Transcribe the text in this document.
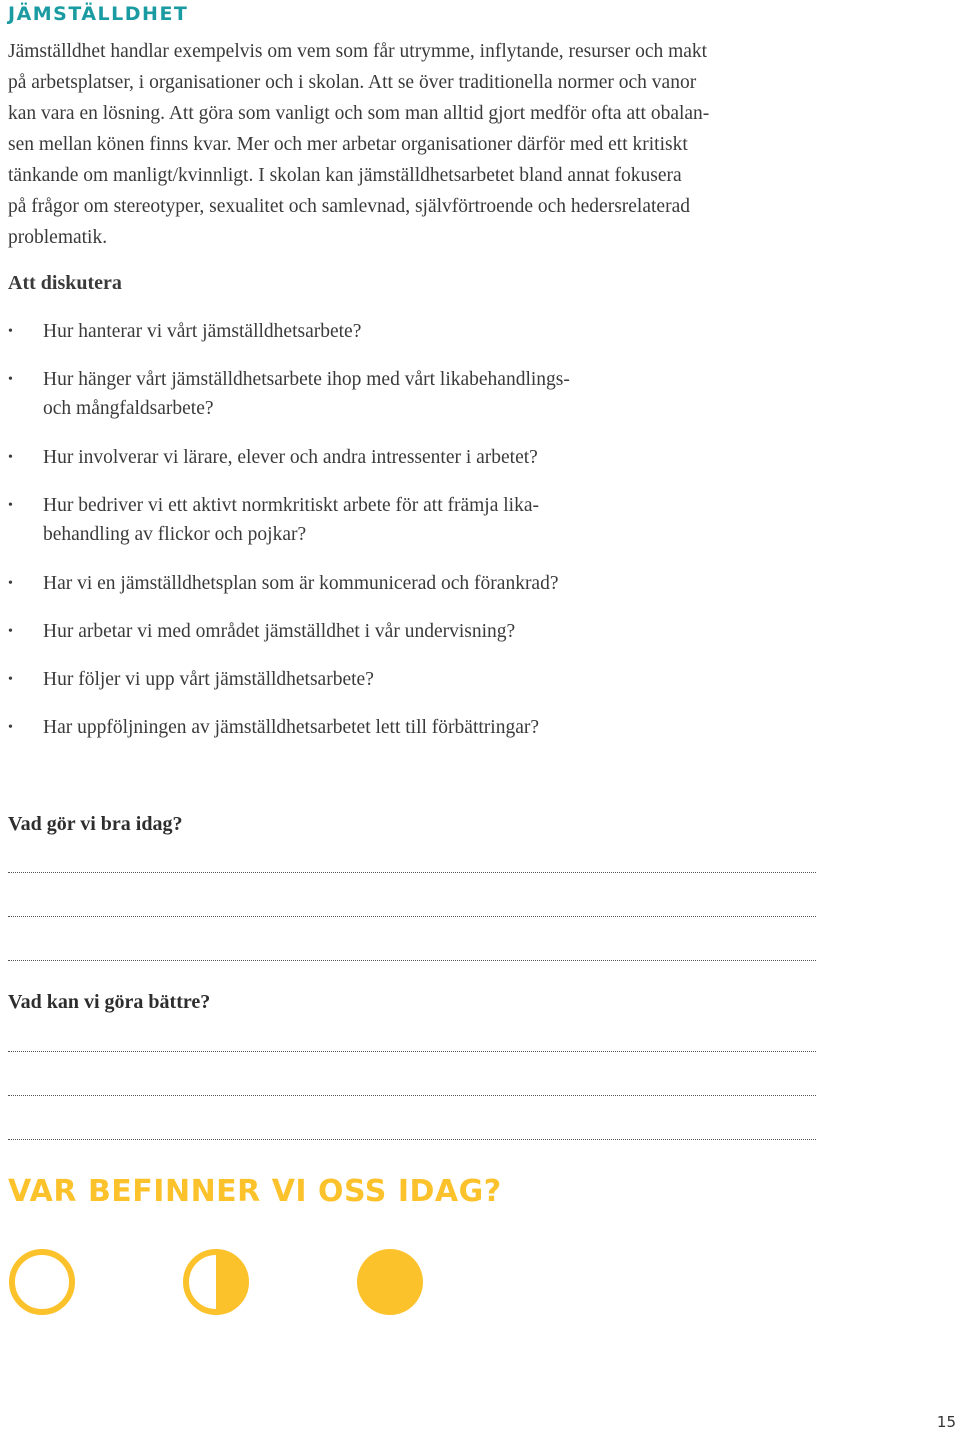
JÄMSTÄLLDHET

Jämställdhet handlar exempelvis om vem som får utrymme, inflytande, resurser och makt
på arbetsplatser, i organisationer och i skolan. Att se över traditionella normer och vanor
kan vara en lösning. Att göra som vanligt och som man alltid gjort medför ofta att obalan-
sen mellan könen finns kvar. Mer och mer arbetar organisationer därför med ett kritiskt
tänkande om manligt/kvinnligt. I skolan kan jämställdhetsarbetet bland annat fokusera
på frågor om stereotyper, sexualitet och samlevnad, självförtroende och hedersrelaterad
problematik.

Att diskutera
• Hur hanterar vi vårt jämställdhetsarbete?
• Hur hänger vårt jämställdhetsarbete ihop med vårt likabehandlings-
och mångfaldsarbete?
• Hur involverar vi lärare, elever och andra intressenter i arbetet?
• Hur bedriver vi ett aktivt normkritiskt arbete för att främja lika-
behandling av flickor och pojkar?
• Har vi en jämställdhetsplan som är kommunicerad och förankrad?
• Hur arbetar vi med området jämställdhet i vår undervisning?
• Hur följer vi upp vårt jämställdhetsarbete?
• Har uppföljningen av jämställdhetsarbetet lett till förbättringar?
Vad gör vi bra idag?
Vad kan vi göra bättre?
VAR BEFINNER VI OSS IDAG?
15
